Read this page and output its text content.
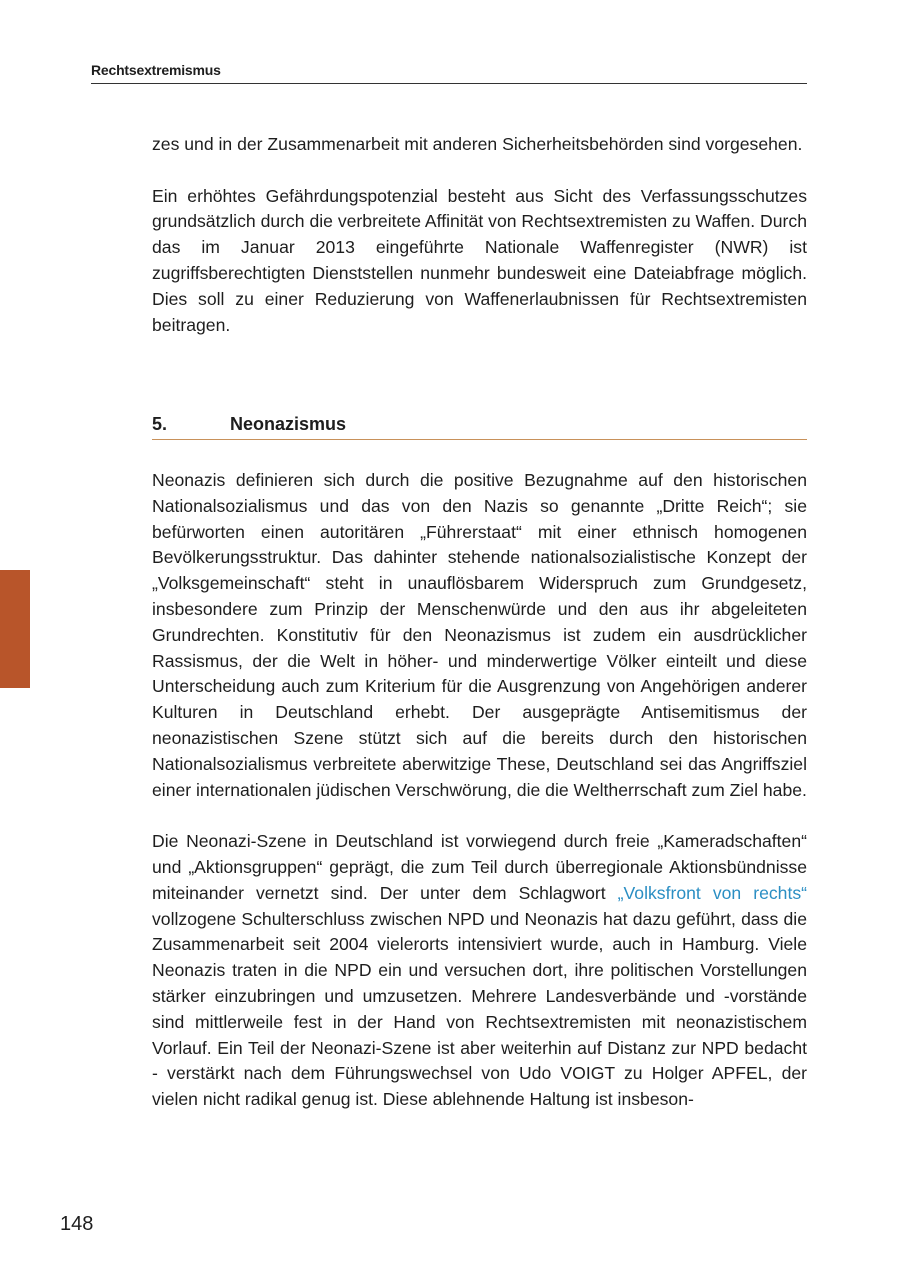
Rechtsextremismus

zes und in der Zusammenarbeit mit anderen Sicherheitsbehörden sind vorgesehen.

Ein erhöhtes Gefährdungspotenzial besteht aus Sicht des Verfassungsschutzes grundsätzlich durch die verbreitete Affinität von Rechtsextremisten zu Waffen. Durch das im Januar 2013 eingeführte Nationale Waffenregister (NWR) ist zugriffsberechtigten Dienststellen nunmehr bundesweit eine Dateiabfrage möglich. Dies soll zu einer Reduzierung von Waffenerlaubnissen für Rechtsextremisten beitragen.

5.	Neonazismus

Neonazis definieren sich durch die positive Bezugnahme auf den historischen Nationalsozialismus und das von den Nazis so genannte „Dritte Reich“; sie befürworten einen autoritären „Führerstaat“ mit einer ethnisch homogenen Bevölkerungsstruktur. Das dahinter stehende nationalsozialistische Konzept der „Volksgemeinschaft“ steht in unauflösbarem Widerspruch zum Grundgesetz, insbesondere zum Prinzip der Menschenwürde und den aus ihr abgeleiteten Grundrechten. Konstitutiv für den Neonazismus ist zudem ein ausdrücklicher Rassismus, der die Welt in höher- und minderwertige Völker einteilt und diese Unterscheidung auch zum Kriterium für die Ausgrenzung von Angehörigen anderer Kulturen in Deutschland erhebt. Der ausgeprägte Antisemitismus der neonazistischen Szene stützt sich auf die bereits durch den historischen Nationalsozialismus verbreitete aberwitzige These, Deutschland sei das Angriffsziel einer internationalen jüdischen Verschwörung, die die Weltherrschaft zum Ziel habe.

Die Neonazi-Szene in Deutschland ist vorwiegend durch freie „Kameradschaften“ und „Aktionsgruppen“ geprägt, die zum Teil durch überregionale Aktionsbündnisse miteinander vernetzt sind. Der unter dem Schlagwort „Volksfront von rechts“ vollzogene Schulterschluss zwischen NPD und Neonazis hat dazu geführt, dass die Zusammenarbeit seit 2004 vielerorts intensiviert wurde, auch in Hamburg. Viele Neonazis traten in die NPD ein und versuchen dort, ihre politischen Vorstellungen stärker einzubringen und umzusetzen. Mehrere Landesverbände und -vorstände sind mittlerweile fest in der Hand von Rechtsextremisten mit neonazistischem Vorlauf. Ein Teil der Neonazi-Szene ist aber weiterhin auf Distanz zur NPD bedacht - verstärkt nach dem Führungswechsel von Udo VOIGT zu Holger APFEL, der vielen nicht radikal genug ist. Diese ablehnende Haltung ist insbeson-

148
